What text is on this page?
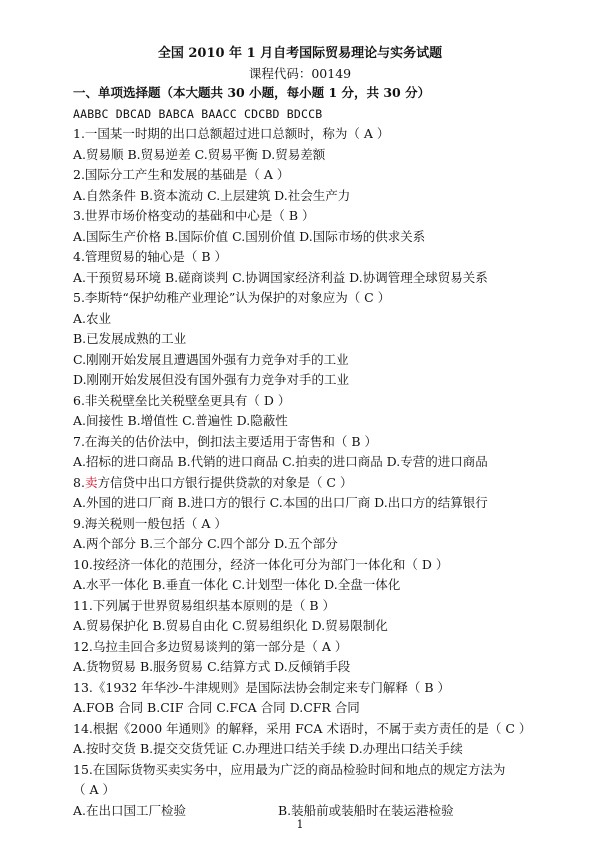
全国 2010 年 1 月自考国际贸易理论与实务试题
课程代码：00149
一、单项选择题（本大题共 30 小题，每小题 1 分，共 30 分）
AABBC DBCAD BABCA BAACC CDCBD BDCCB
1.一国某一时期的出口总额超过进口总额时，称为（ A ）
A.贸易顺 B.贸易逆差 C.贸易平衡 D.贸易差额
2.国际分工产生和发展的基础是（ A ）
A.自然条件 B.资本流动 C.上层建筑 D.社会生产力
3.世界市场价格变动的基础和中心是（ B ）
A.国际生产价格 B.国际价值 C.国别价值 D.国际市场的供求关系
4.管理贸易的轴心是（ B ）
A.干预贸易环境 B.磋商谈判 C.协调国家经济利益 D.协调管理全球贸易关系
5.李斯特“保护幼稚产业理论”认为保护的对象应为（ C ）
A.农业
B.已发展成熟的工业
C.刚刚开始发展且遭遇国外强有力竞争对手的工业
D.刚刚开始发展但没有国外强有力竞争对手的工业
6.非关税壁垒比关税壁垒更具有（ D ）
A.间接性 B.增值性 C.普遍性 D.隐蔽性
7.在海关的估价法中，倒扣法主要适用于寄售和（ B ）
A.招标的进口商品 B.代销的进口商品 C.拍卖的进口商品 D.专营的进口商品
8.卖方信贷中出口方银行提供贷款的对象是（ C ）
A.外国的进口厂商 B.进口方的银行 C.本国的出口厂商 D.出口方的结算银行
9.海关税则一般包括（ A ）
A.两个部分 B.三个部分 C.四个部分 D.五个部分
10.按经济一体化的范围分，经济一体化可分为部门一体化和（ D ）
A.水平一体化 B.垂直一体化 C.计划型一体化 D.全盘一体化
11.下列属于世界贸易组织基本原则的是（ B ）
A.贸易保护化 B.贸易自由化 C.贸易组织化 D.贸易限制化
12.乌拉圭回合多边贸易谈判的第一部分是（ A ）
A.货物贸易 B.服务贸易 C.结算方式 D.反倾销手段
13.《1932 年华沙-牛津规则》是国际法协会制定来专门解释（ B ）
A.FOB 合同 B.CIF 合同 C.FCA 合同 D.CFR 合同
14.根据《2000 年通则》的解释，采用 FCA 术语时，不属于卖方责任的是（ C ）
A.按时交货 B.提交交货凭证 C.办理进口结关手续 D.办理出口结关手续
15.在国际货物买卖实务中，应用最为广泛的商品检验时间和地点的规定方法为
（ A ）
A.在出口国工厂检验	B.装船前或装船时在装运港检验
1
